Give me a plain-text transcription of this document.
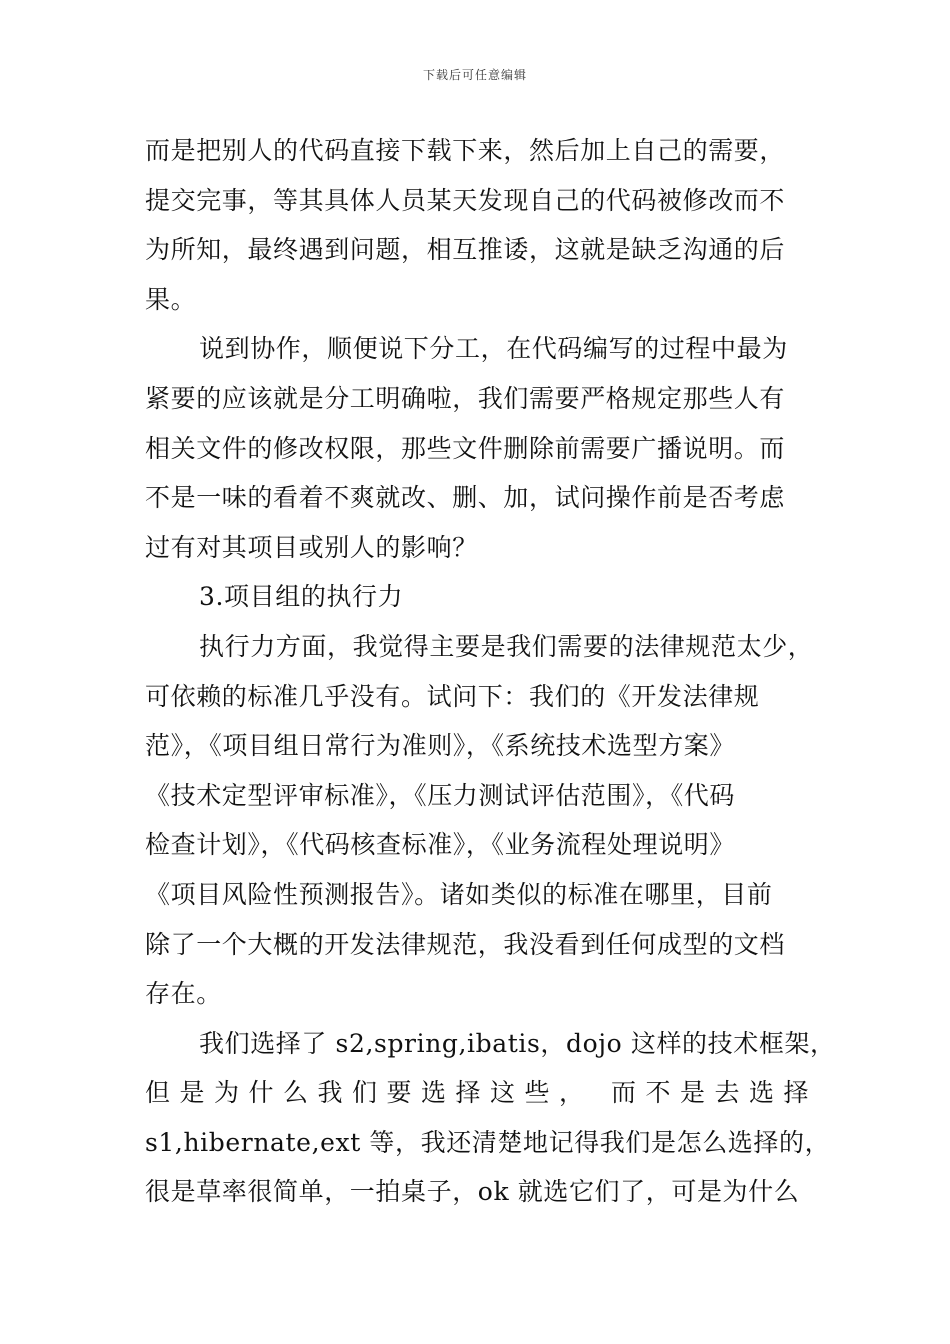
下载后可任意编辑
而是把别人的代码直接下载下来，然后加上自己的需要，
提交完事，等其具体人员某天发现自己的代码被修改而不
为所知，最终遇到问题，相互推诿，这就是缺乏沟通的后
果。
说到协作，顺便说下分工，在代码编写的过程中最为
紧要的应该就是分工明确啦，我们需要严格规定那些人有
相关文件的修改权限，那些文件删除前需要广播说明。而
不是一味的看着不爽就改、删、加，试问操作前是否考虑
过有对其项目或别人的影响？
3.项目组的执行力
执行力方面，我觉得主要是我们需要的法律规范太少，
可依赖的标准几乎没有。试问下：我们的《开发法律规
范》，《项目组日常行为准则》，《系统技术选型方案》
《技术定型评审标准》，《压力测试评估范围》，《代码
检查计划》，《代码核查标准》，《业务流程处理说明》
《项目风险性预测报告》。诸如类似的标准在哪里，目前
除了一个大概的开发法律规范，我没看到任何成型的文档
存在。
我们选择了 s2,spring,ibatis，dojo 这样的技术框架，
但是为什么我们要选择这些， 而不是去选择
s1,hibernate,ext 等，我还清楚地记得我们是怎么选择的，
很是草率很简单，一拍桌子，ok 就选它们了，可是为什么
